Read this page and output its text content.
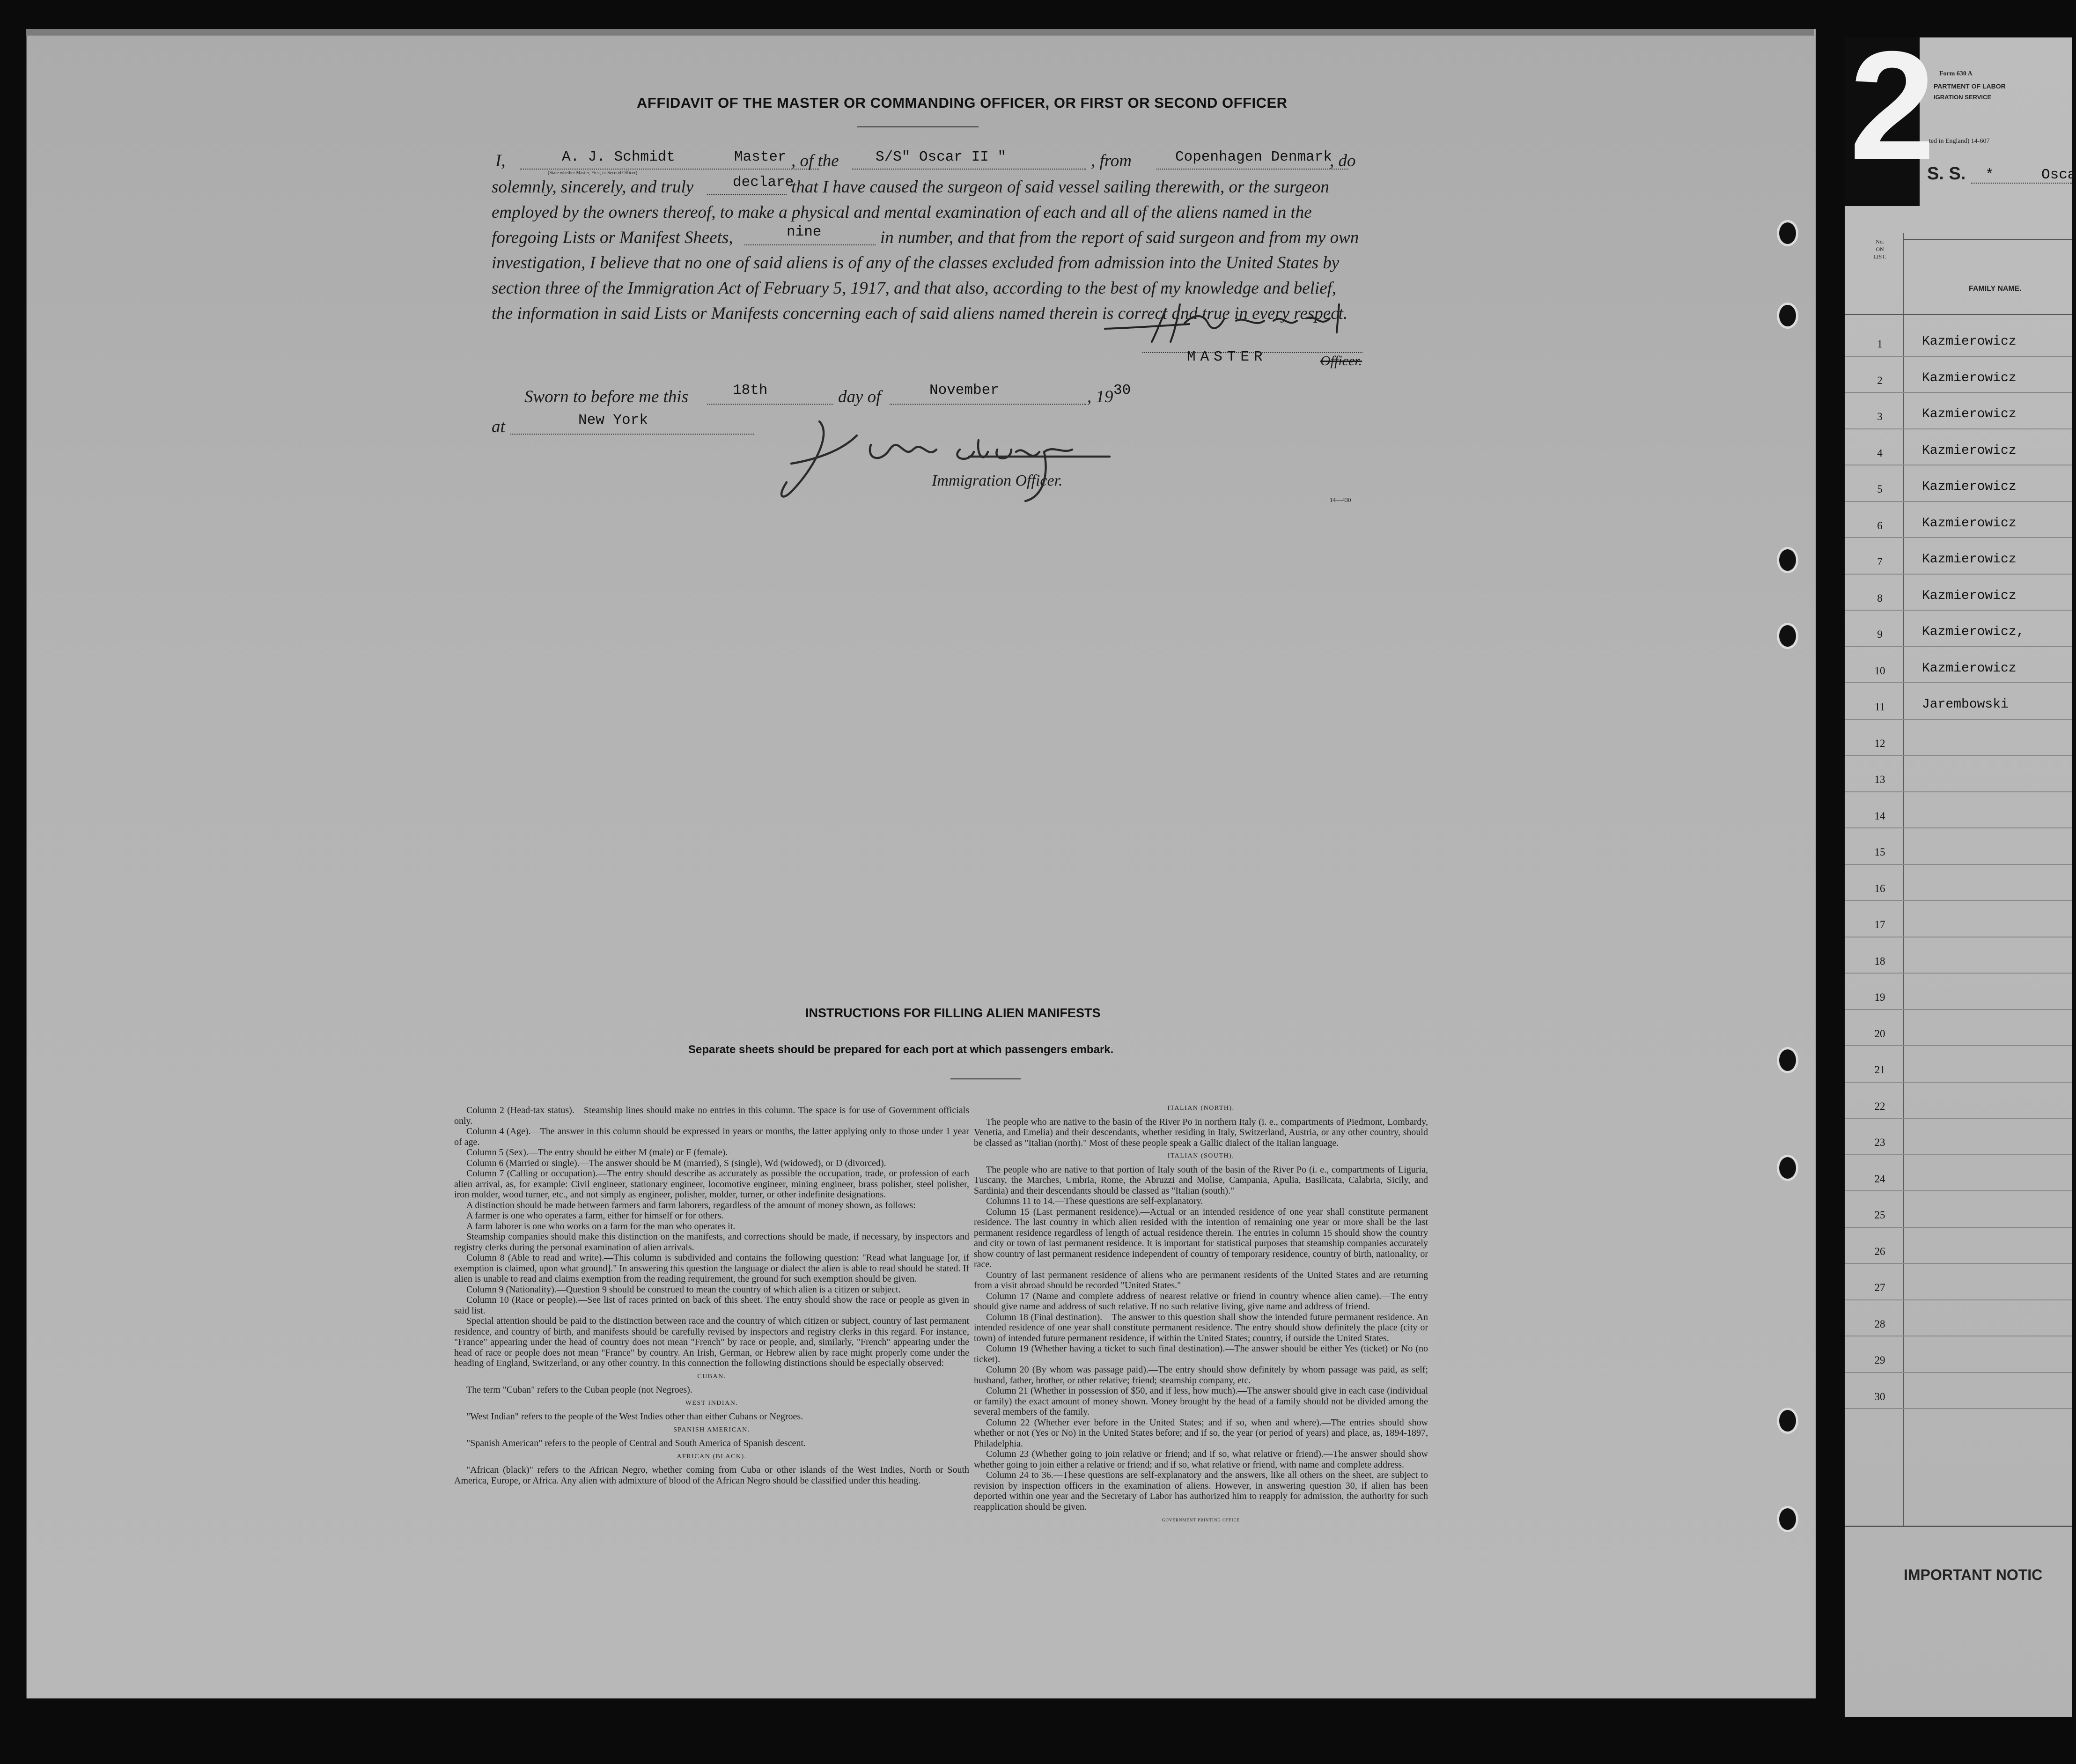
AFFIDAVIT OF THE MASTER OR COMMANDING OFFICER, OR FIRST OR SECOND OFFICER
I,	A. J. Schmidt	Master , of the	S/S" Oscar II "	, from	Copenhagen Denmark
, do
(State whether Master, First, or Second Officer)
solemnly, sincerely, and truly	declare
that I have caused the surgeon of said vessel sailing therewith, or the surgeon
employed by the owners thereof, to make a physical and mental examination of each and all of the aliens named in the
foregoing Lists or Manifest Sheets,	nine	in number, and that from the report of said surgeon and from my own
investigation, I believe that no one of said aliens is of any of the classes excluded from admission into the United States by
section three of the Immigration Act of February 5, 1917, and that also, according to the best of my knowledge and belief,
the information in said Lists or Manifests concerning each of said aliens named therein is correct and true in every respect.
MASTER	Officer.
Sworn to before me this	18th	day of	November	, 19 30
at	New York
Immigration Officer.
14—430
INSTRUCTIONS FOR FILLING ALIEN MANIFESTS
Separate sheets should be prepared for each port at which passengers embark.

Column 2 (Head-tax status).—Steamship lines should make no entries in this column. The space is for use of Government officials only.

Column 4 (Age).—The answer in this column should be expressed in years or months, the latter applying only to those under 1 year of age.

Column 5 (Sex).—The entry should be either M (male) or F (female).

Column 6 (Married or single).—The answer should be M (married), S (single), Wd (widowed), or D (divorced).

Column 7 (Calling or occupation).—The entry should describe as accurately as possible the occupation, trade, or profession of each alien arrival, as, for example: Civil engineer, stationary engineer, locomotive engineer, mining engineer, brass polisher, steel polisher, iron molder, wood turner, etc., and not simply as engineer, polisher, molder, turner, or other indefinite designations.

A distinction should be made between farmers and farm laborers, regardless of the amount of money shown, as follows:

A farmer is one who operates a farm, either for himself or for others.

A farm laborer is one who works on a farm for the man who operates it.

Steamship companies should make this distinction on the manifests, and corrections should be made, if necessary, by inspectors and registry clerks during the personal examination of alien arrivals.

Column 8 (Able to read and write).—This column is subdivided and contains the following question: "Read what language [or, if exemption is claimed, upon what ground]." In answering this question the language or dialect the alien is able to read should be stated. If alien is unable to read and claims exemption from the reading requirement, the ground for such exemption should be given.

Column 9 (Nationality).—Question 9 should be construed to mean the country of which alien is a citizen or subject.

Column 10 (Race or people).—See list of races printed on back of this sheet. The entry should show the race or people as given in said list.

Special attention should be paid to the distinction between race and the country of which citizen or subject, country of last permanent residence, and country of birth, and manifests should be carefully revised by inspectors and registry clerks in this regard. For instance, "France" appearing under the head of country does not mean "French" by race or people, and, similarly, "French" appearing under the head of race or people does not mean "France" by country. An Irish, German, or Hebrew alien by race might properly come under the heading of England, Switzerland, or any other country. In this connection the following distinctions should be especially observed:

CUBAN.

The term "Cuban" refers to the Cuban people (not Negroes).

WEST INDIAN.

"West Indian" refers to the people of the West Indies other than either Cubans or Negroes.

SPANISH AMERICAN.

"Spanish American" refers to the people of Central and South America of Spanish descent.

AFRICAN (BLACK).

"African (black)" refers to the African Negro, whether coming from Cuba or other islands of the West Indies, North or South America, Europe, or Africa. Any alien with admixture of blood of the African Negro should be classified under this heading.

ITALIAN (NORTH).

The people who are native to the basin of the River Po in northern Italy (i. e., compartments of Piedmont, Lombardy, Venetia, and Emelia) and their descendants, whether residing in Italy, Switzerland, Austria, or any other country, should be classed as "Italian (north)." Most of these people speak a Gallic dialect of the Italian language.

ITALIAN (SOUTH).

The people who are native to that portion of Italy south of the basin of the River Po (i. e., compartments of Liguria, Tuscany, the Marches, Umbria, Rome, the Abruzzi and Molise, Campania, Apulia, Basilicata, Calabria, Sicily, and Sardinia) and their descendants should be classed as "Italian (south)."

Columns 11 to 14.—These questions are self-explanatory.

Column 15 (Last permanent residence).—Actual or an intended residence of one year shall constitute permanent residence. The last country in which alien resided with the intention of remaining one year or more shall be the last permanent residence regardless of length of actual residence therein. The entries in column 15 should show the country and city or town of last permanent residence. It is important for statistical purposes that steamship companies accurately show country of last permanent residence independent of country of temporary residence, country of birth, nationality, or race.

Country of last permanent residence of aliens who are permanent residents of the United States and are returning from a visit abroad should be recorded "United States."

Column 17 (Name and complete address of nearest relative or friend in country whence alien came).—The entry should give name and address of such relative. If no such relative living, give name and address of friend.

Column 18 (Final destination).—The answer to this question shall show the intended future permanent residence. An intended residence of one year shall constitute permanent residence. The entry should show definitely the place (city or town) of intended future permanent residence, if within the United States; country, if outside the United States.

Column 19 (Whether having a ticket to such final destination).—The answer should be either Yes (ticket) or No (no ticket).

Column 20 (By whom was passage paid).—The entry should show definitely by whom passage was paid, as self; husband, father, brother, or other relative; friend; steamship company, etc.

Column 21 (Whether in possession of $50, and if less, how much).—The answer should give in each case (individual or family) the exact amount of money shown. Money brought by the head of a family should not be divided among the several members of the family.

Column 22 (Whether ever before in the United States; and if so, when and where).—The entries should show whether or not (Yes or No) in the United States before; and if so, the year (or period of years) and place, as, 1894-1897, Philadelphia.

Column 23 (Whether going to join relative or friend; and if so, what relative or friend).—The answer should show whether going to join either a relative or friend; and if so, what relative or friend, with name and complete address.

Column 24 to 36.—These questions are self-explanatory and the answers, like all others on the sheet, are subject to revision by inspection officers in the examination of aliens. However, in answering question 30, if alien has been deported within one year and the Secretary of Labor has authorized him to reapply for admission, the authority for such reapplication should be given.

GOVERNMENT PRINTING OFFICE

2 Form 630 A
PARTMENT OF LABOR
IGRATION SERVICE
ted in England) 14-607
S. S. *	Osca
No.
ON
LIST.
FAMILY NAME.
1	Kazmierowicz
2	Kazmierowicz
3	Kazmierowicz
4	Kazmierowicz
5	Kazmierowicz
6	Kazmierowicz
7	Kazmierowicz
8	Kazmierowicz
9	Kazmierowicz,
10	Kazmierowicz
11	Jarembowski
12
13
14
15
16
17
18
19
20
21
22
23
24
25
26
27
28
29
30
IMPORTANT NOTIC
